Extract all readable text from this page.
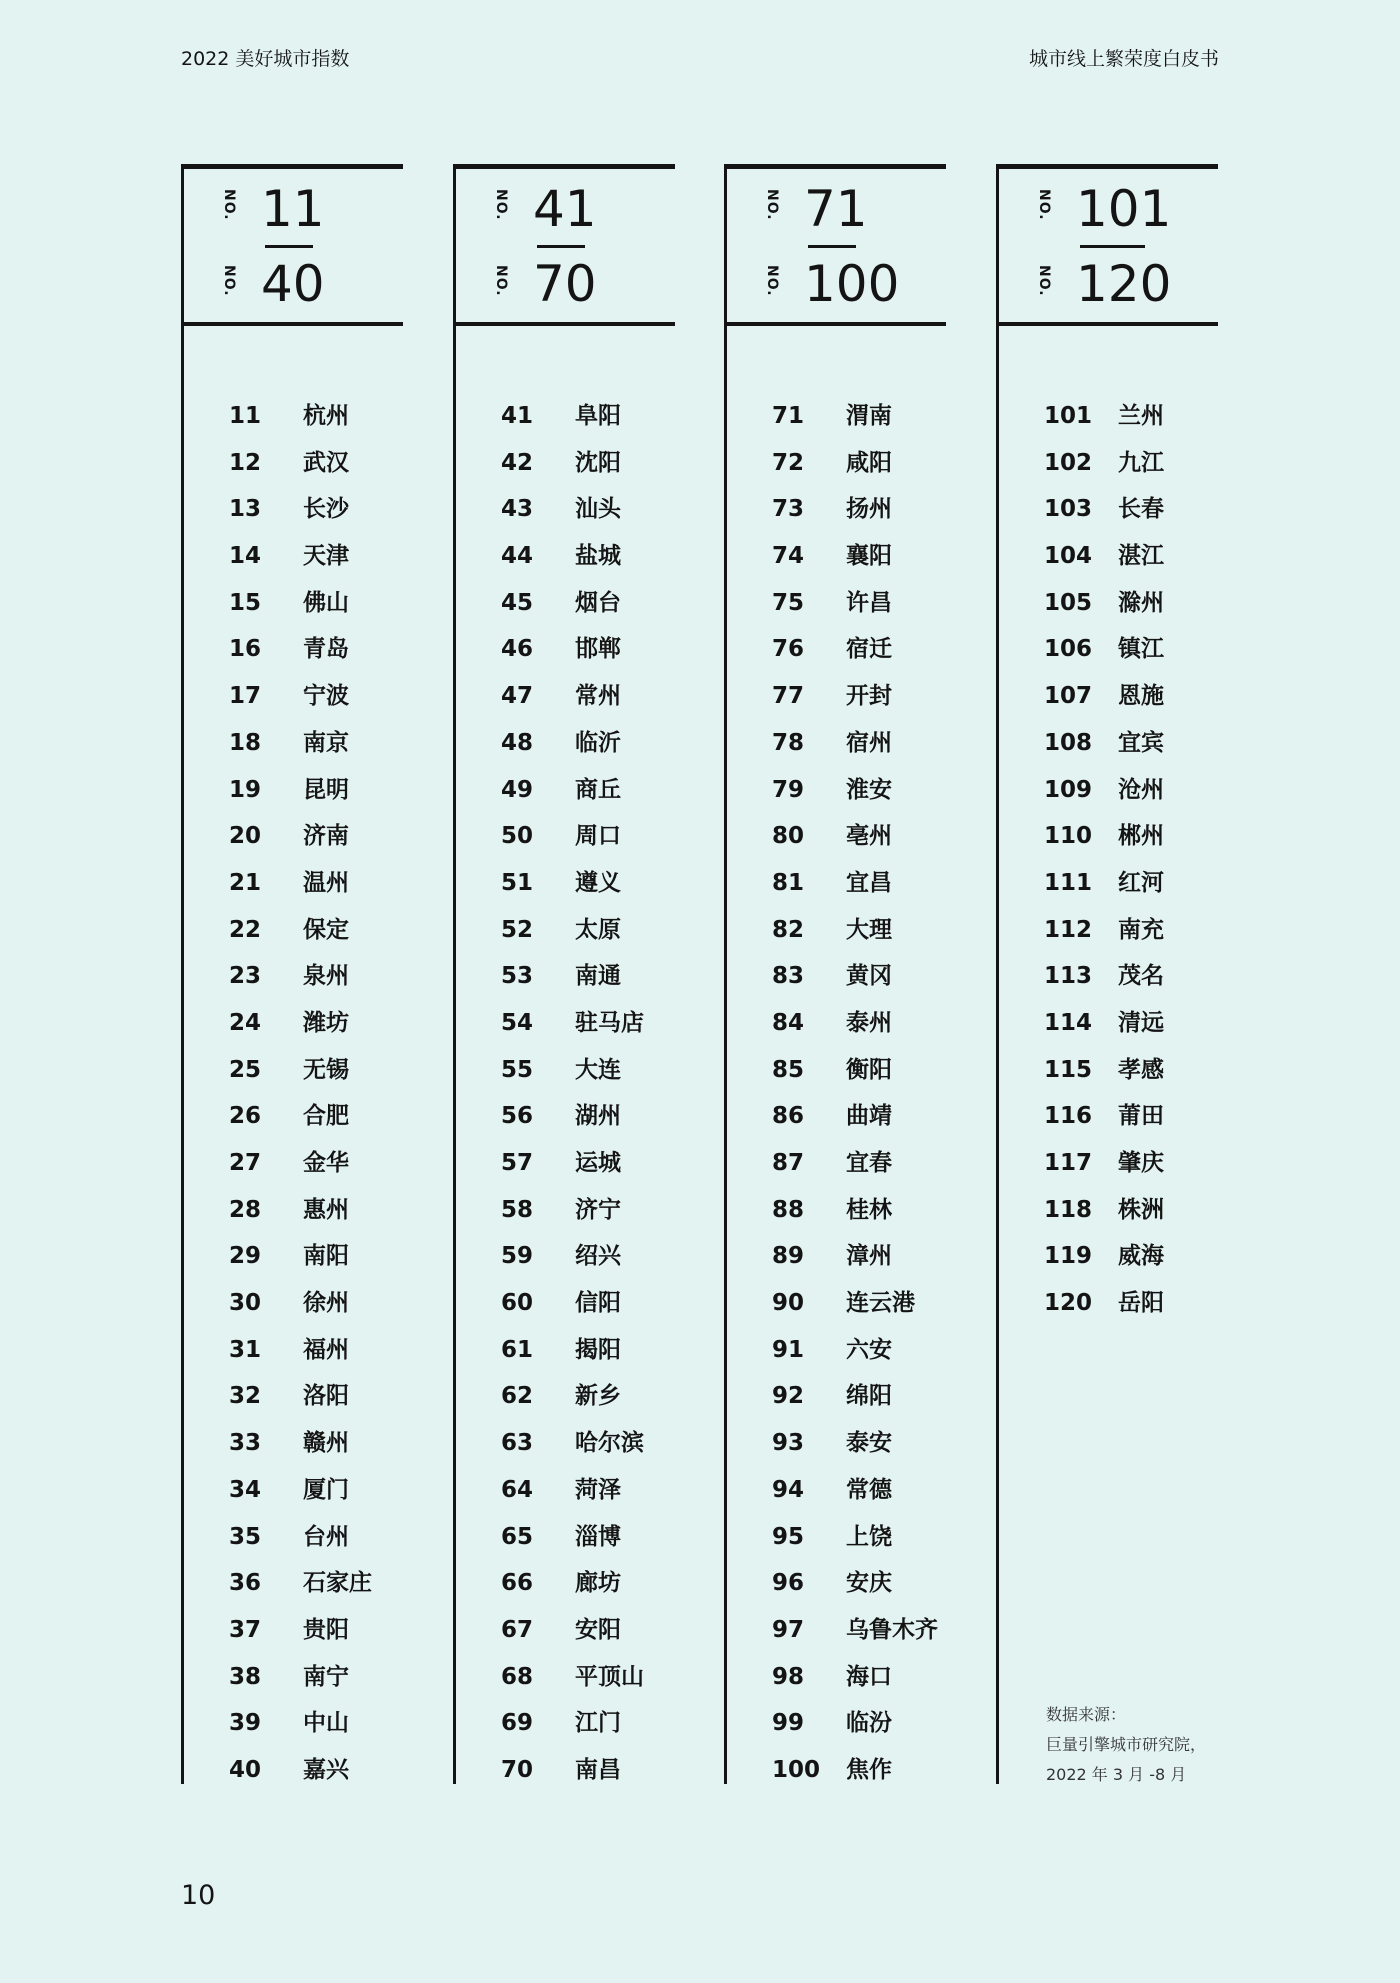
2022 美好城市指数	城市线上繁荣度白皮书
NO. 11
NO. 40
11	杭州
12	武汉
13	长沙
14	天津
15	佛山
16	青岛
17	宁波
18	南京
19	昆明
20	济南
21	温州
22	保定
23	泉州
24	潍坊
25	无锡
26	合肥
27	金华
28	惠州
29	南阳
30	徐州
31	福州
32	洛阳
33	赣州
34	厦门
35	台州
36	石家庄
37	贵阳
38	南宁
39	中山
40	嘉兴
NO. 41
NO. 70
41	阜阳
42	沈阳
43	汕头
44	盐城
45	烟台
46	邯郸
47	常州
48	临沂
49	商丘
50	周口
51	遵义
52	太原
53	南通
54	驻马店
55	大连
56	湖州
57	运城
58	济宁
59	绍兴
60	信阳
61	揭阳
62	新乡
63	哈尔滨
64	菏泽
65	淄博
66	廊坊
67	安阳
68	平顶山
69	江门
70	南昌
NO. 71
NO. 100
71	渭南
72	咸阳
73	扬州
74	襄阳
75	许昌
76	宿迁
77	开封
78	宿州
79	淮安
80	亳州
81	宜昌
82	大理
83	黄冈
84	泰州
85	衡阳
86	曲靖
87	宜春
88	桂林
89	漳州
90	连云港
91	六安
92	绵阳
93	泰安
94	常德
95	上饶
96	安庆
97	乌鲁木齐
98	海口
99	临汾
100	焦作
NO. 101
NO. 120
101	兰州
102	九江
103	长春
104	湛江
105	滁州
106	镇江
107	恩施
108	宜宾
109	沧州
110	郴州
111	红河
112	南充
113	茂名
114	清远
115	孝感
116	莆田
117	肇庆
118	株洲
119	威海
120	岳阳
数据来源：
巨量引擎城市研究院，
2022 年 3 月 -8 月
10
